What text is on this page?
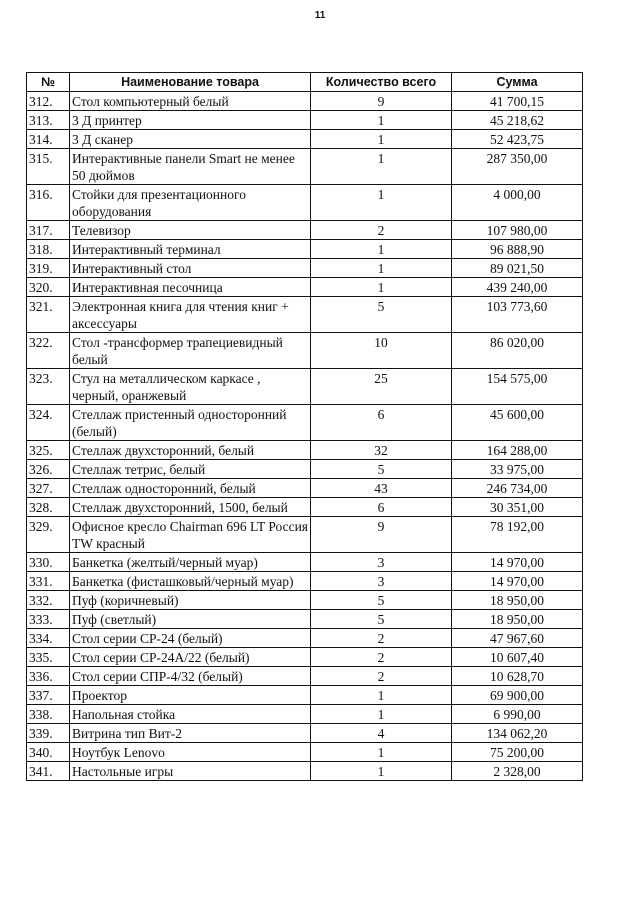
11
№	Наименование товара	Количество всего	Сумма
312.	Стол компьютерный белый	9	41 700,15
313.	3 Д принтер	1	45 218,62
314.	3 Д сканер	1	52 423,75
315.	Интерактивные панели Smart не менее 50 дюймов	1	287 350,00
316.	Стойки для презентационного оборудования	1	4 000,00
317.	Телевизор	2	107 980,00
318.	Интерактивный терминал	1	96 888,90
319.	Интерактивный стол	1	89 021,50
320.	Интерактивная песочница	1	439 240,00
321.	Электронная книга для чтения книг + аксессуары	5	103 773,60
322.	Стол -трансформер трапециевидный белый	10	86 020,00
323.	Стул на металлическом каркасе , черный, оранжевый	25	154 575,00
324.	Стеллаж пристенный односторонний (белый)	6	45 600,00
325.	Стеллаж двухсторонний, белый	32	164 288,00
326.	Стеллаж тетрис, белый	5	33 975,00
327.	Стеллаж односторонний, белый	43	246 734,00
328.	Стеллаж двухсторонний, 1500, белый	6	30 351,00
329.	Офисное кресло Chairman 696 LT Россия TW красный	9	78 192,00
330.	Банкетка (желтый/черный муар)	3	14 970,00
331.	Банкетка (фисташковый/черный муар)	3	14 970,00
332.	Пуф (коричневый)	5	18 950,00
333.	Пуф (светлый)	5	18 950,00
334.	Стол серии СР-24 (белый)	2	47 967,60
335.	Стол серии СР-24А/22 (белый)	2	10 607,40
336.	Стол серии СПР-4/32 (белый)	2	10 628,70
337.	Проектор	1	69 900,00
338.	Напольная стойка	1	6 990,00
339.	Витрина тип Вит-2	4	134 062,20
340.	Ноутбук Lenovo	1	75 200,00
341.	Настольные игры	1	2 328,00
